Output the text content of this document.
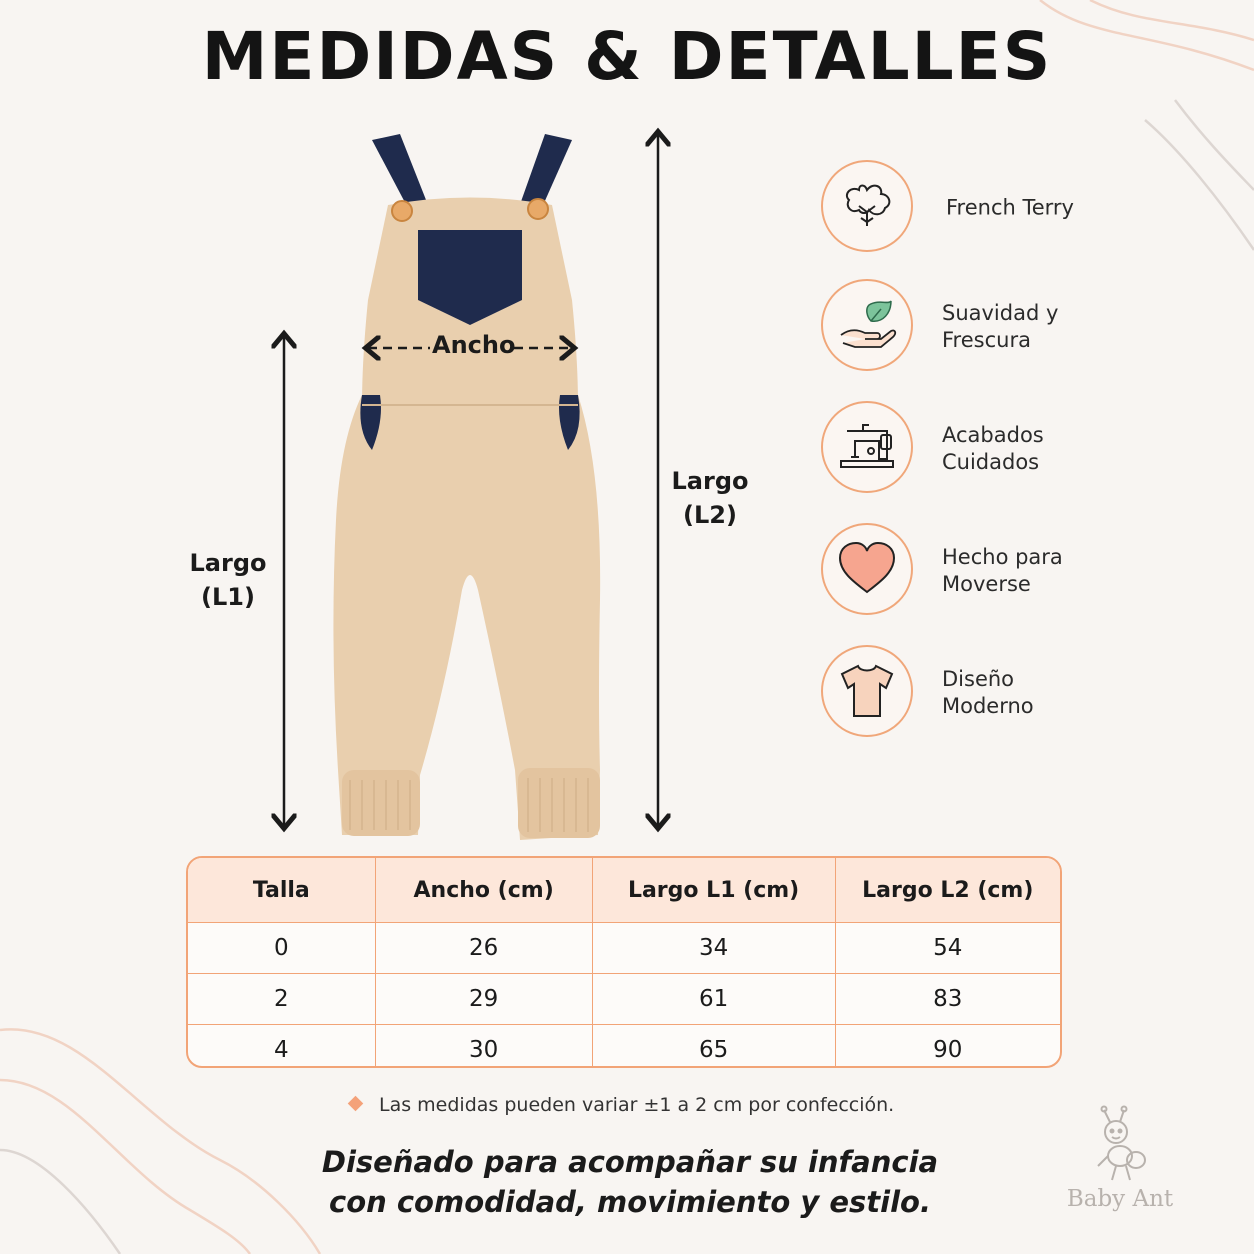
MEDIDAS & DETALLES
Ancho
Largo
(L1)
Largo
(L2)
French Terry
Suavidad y
Frescura
Acabados
Cuidados
Hecho para
Moverse
Diseño
Moderno
Talla	Ancho (cm)	Largo L1 (cm)	Largo L2 (cm)
0	26	34	54
2	29	61	83
4	30	65	90
Las medidas pueden variar ±1 a 2 cm por confección.
Diseñado para acompañar su infancia
con comodidad, movimiento y estilo.	Baby Ant
